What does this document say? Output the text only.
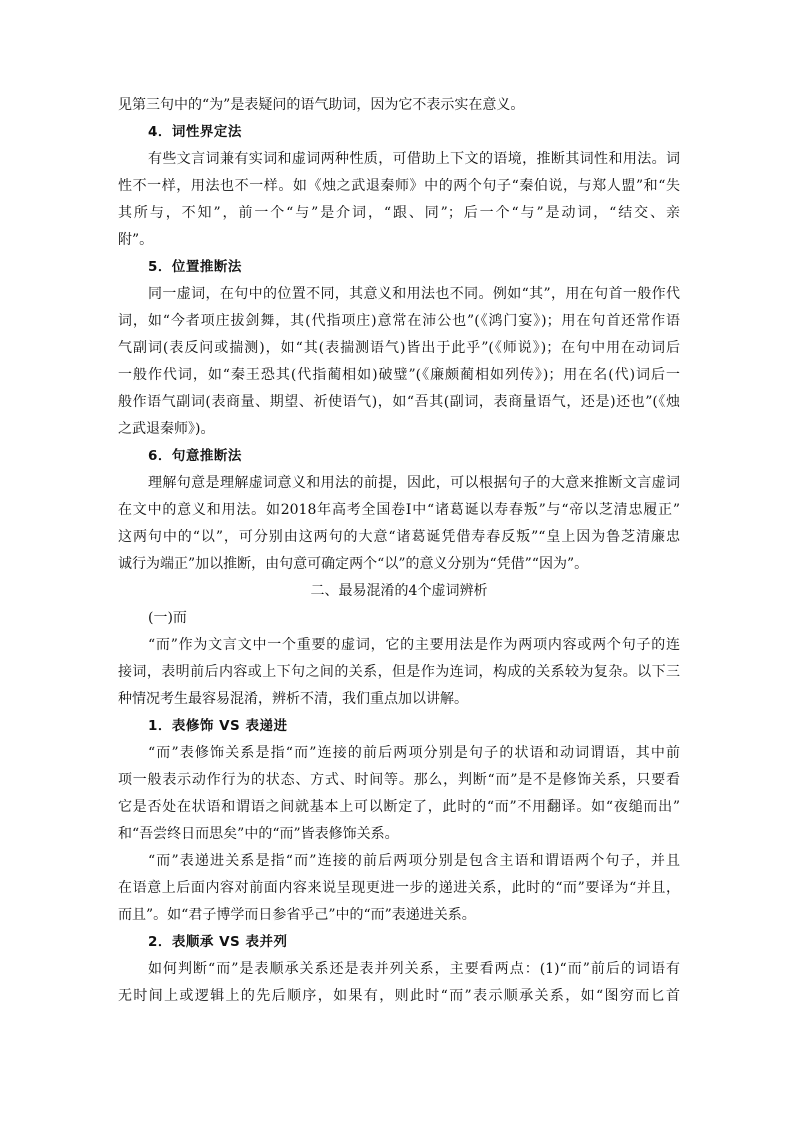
见第三句中的“为”是表疑问的语气助词，因为它不表示实在意义。
4．词性界定法
有些文言词兼有实词和虚词两种性质，可借助上下文的语境，推断其词性和用法。词
性不一样，用法也不一样。如《烛之武退秦师》中的两个句子“秦伯说，与郑人盟”和“失
其所与，不知”，前一个“与”是介词，“跟、同”；后一个“与”是动词，“结交、亲
附”。
5．位置推断法
同一虚词，在句中的位置不同，其意义和用法也不同。例如“其”，用在句首一般作代
词，如“今者项庄拔剑舞，其(代指项庄)意常在沛公也”(《鸿门宴》)；用在句首还常作语
气副词(表反问或揣测)，如“其(表揣测语气)皆出于此乎”(《师说》)；在句中用在动词后
一般作代词，如“秦王恐其(代指蔺相如)破璧”(《廉颇蔺相如列传》)；用在名(代)词后一
般作语气副词(表商量、期望、祈使语气)，如“吾其(副词，表商量语气，还是)还也”(《烛
之武退秦师》)。
6．句意推断法
理解句意是理解虚词意义和用法的前提，因此，可以根据句子的大意来推断文言虚词
在文中的意义和用法。如2018年高考全国卷Ⅰ中“诸葛诞以寿春叛”与“帝以芝清忠履正”
这两句中的“以”，可分别由这两句的大意“诸葛诞凭借寿春反叛”“皇上因为鲁芝清廉忠
诚行为端正”加以推断，由句意可确定两个“以”的意义分别为“凭借”“因为”。
二、最易混淆的4个虚词辨析
(一)而
“而”作为文言文中一个重要的虚词，它的主要用法是作为两项内容或两个句子的连
接词，表明前后内容或上下句之间的关系，但是作为连词，构成的关系较为复杂。以下三
种情况考生最容易混淆，辨析不清，我们重点加以讲解。
1．表修饰 VS 表递进
“而”表修饰关系是指“而”连接的前后两项分别是句子的状语和动词谓语，其中前
项一般表示动作行为的状态、方式、时间等。那么，判断“而”是不是修饰关系，只要看
它是否处在状语和谓语之间就基本上可以断定了，此时的“而”不用翻译。如“夜缒而出”
和“吾尝终日而思矣”中的“而”皆表修饰关系。
“而”表递进关系是指“而”连接的前后两项分别是包含主语和谓语两个句子，并且
在语意上后面内容对前面内容来说呈现更进一步的递进关系，此时的“而”要译为“并且，
而且”。如“君子博学而日参省乎己”中的“而”表递进关系。
2．表顺承 VS 表并列
如何判断“而”是表顺承关系还是表并列关系，主要看两点：(1)“而”前后的词语有
无时间上或逻辑上的先后顺序，如果有，则此时“而”表示顺承关系，如“图穷而匕首
